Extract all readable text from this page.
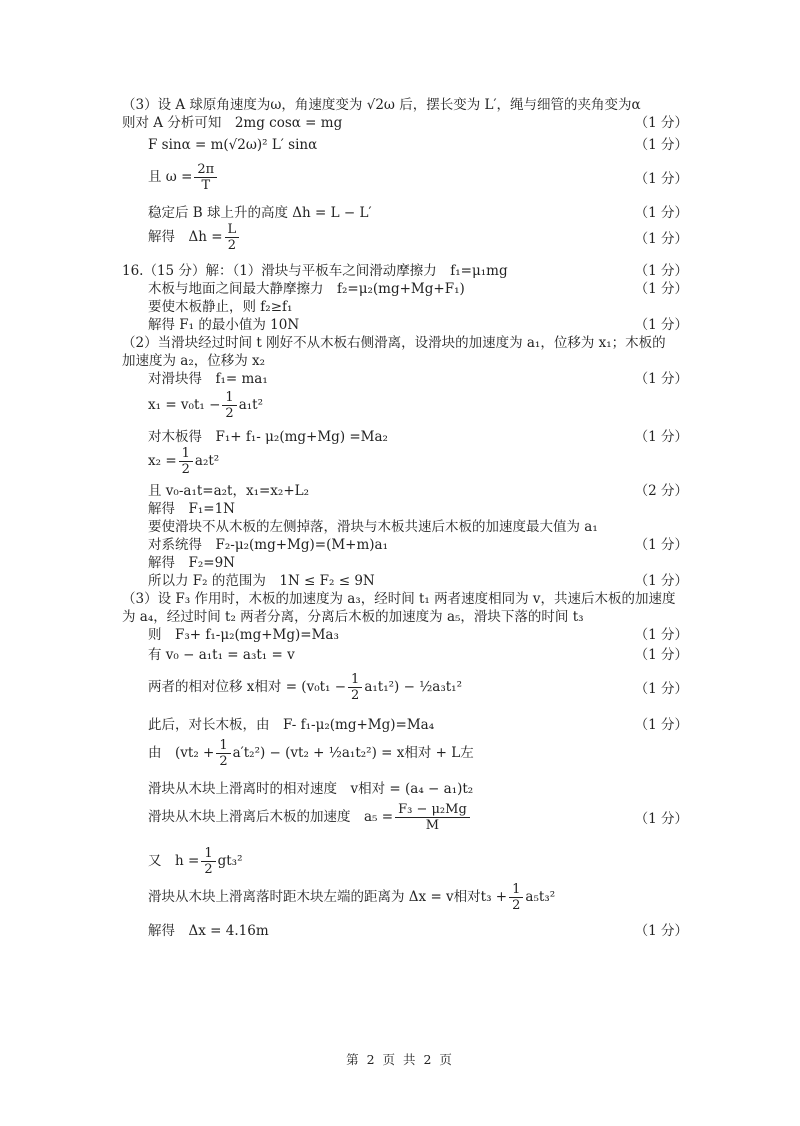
（3）设 A 球原角速度为ω，角速度变为 √2ω 后，摆长变为 L′，绳与细管的夹角变为α
则对 A 分析可知　2mg cosα = mg	（1 分）
F sinα = m(√2ω)² L′ sinα	（1 分）
且 $\omega = \frac{2\pi}{T}$	（1 分）
稳定后 B 球上升的高度 Δh = L − L′	（1 分）
解得　$\Delta h = \frac{L}{2}$	（1 分）
16.（15 分）解：（1）滑块与平板车之间滑动摩擦力　f₁=μ₁mg	（1 分）
木板与地面之间最大静摩擦力　f₂=μ₂(mg+Mg+F₁)	（1 分）
要使木板静止，则 f₂≥f₁
解得 F₁ 的最小值为 10N	（1 分）
（2）当滑块经过时间 t 刚好不从木板右侧滑离，设滑块的加速度为 a₁，位移为 x₁；木板的
加速度为 a₂，位移为 x₂
对滑块得　f₁= ma₁	（1 分）
$x_1 = v_0t_1 - \frac{1}{2} a_1t^2$
对木板得　F₁+ f₁- μ₂(mg+Mg) =Ma₂	（1 分）
$x_2 = \frac{1}{2} a_2t^2$
且 v₀-a₁t=a₂t，x₁=x₂+L₂	（2 分）
解得　F₁=1N
要使滑块不从木板的左侧掉落，滑块与木板共速后木板的加速度最大值为 a₁
对系统得　F₂-μ₂(mg+Mg)=(M+m)a₁	（1 分）
解得　F₂=9N
所以力 F₂ 的范围为　1N ≤ F₂ ≤ 9N	（1 分）
（3）设 F₃ 作用时，木板的加速度为 a₃，经时间 t₁ 两者速度相同为 v，共速后木板的加速度
为 a₄，经过时间 t₂ 两者分离，分离后木板的加速度为 a₅，滑块下落的时间 t₃
则　F₃+ f₁-μ₂(mg+Mg)=Ma₃	（1 分）
有 v₀ − a₁t₁ = a₃t₁ = v	（1 分）
两者的相对位移 x相对 = $(v_0t_1 - \frac{1}{2} a_1t_1^2)$ − ½a₃t₁²	（1 分）
此后，对长木板，由　F- f₁-μ₂(mg+Mg)=Ma₄	（1 分）
由　$(vt_2 + \frac{1}{2} a't_2^2) - (vt_2$ + ½a₁t₂²) = x相对 + L左
滑块从木块上滑离时的相对速度　v相对 = (a₄ − a₁)t₂
滑块从木块上滑离后木板的加速度　$a_5 = \frac{\text{F₃ − μ₂Mg}}{M}$	（1 分）
又　$h = \frac{1}{2} gt_3^2$
滑块从木块上滑离落时距木块左端的距离为 Δx = v相对$t_3 + \frac{1}{2} a_5t_3^2$
解得　Δx = 4.16m	（1 分）
第 2 页 共 2 页
